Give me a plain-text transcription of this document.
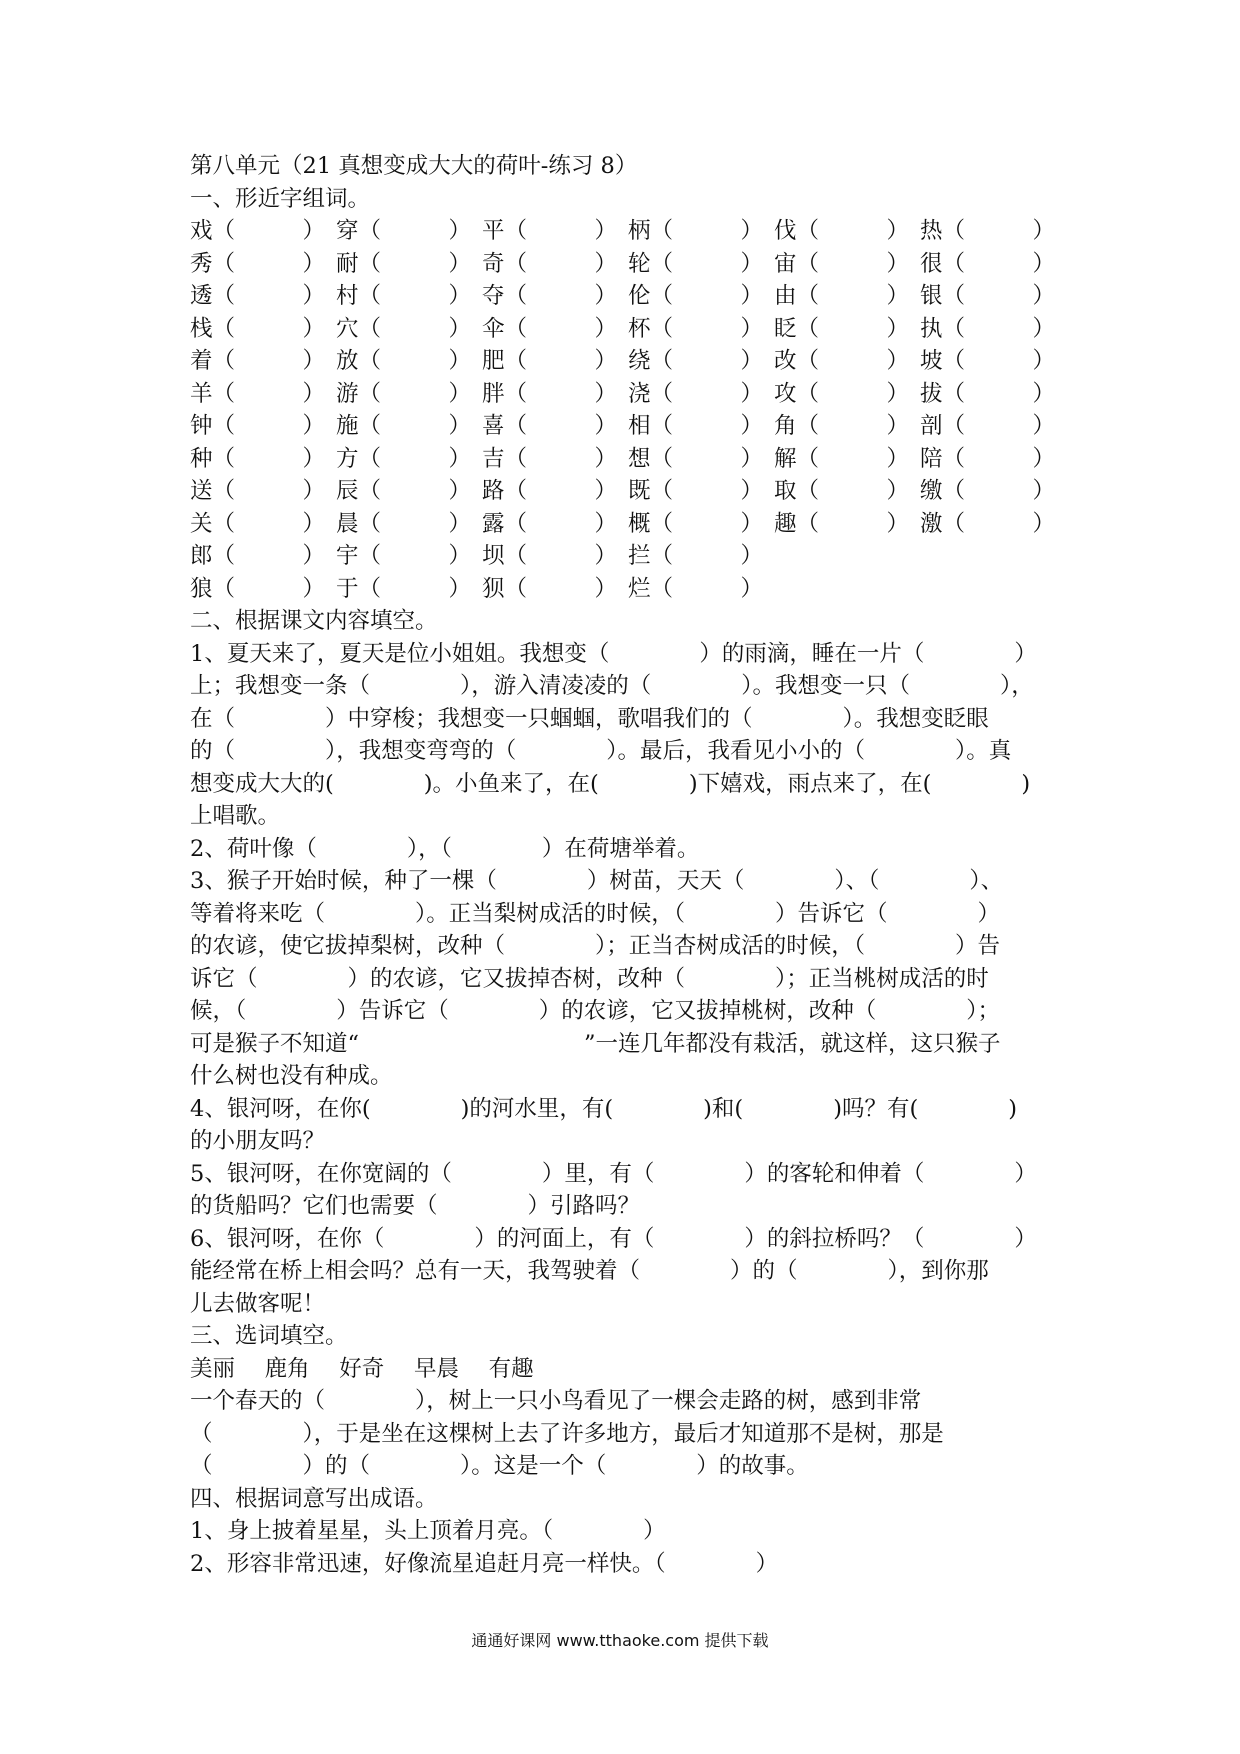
第八单元（21 真想变成大大的荷叶-练习 8）
一、形近字组词。
戏（　　　） 穿（　　　） 平（　　　） 柄（　　　） 伐（　　　） 热（　　　）
秀（　　　） 耐（　　　） 奇（　　　） 轮（　　　） 宙（　　　） 很（　　　）
透（　　　） 村（　　　） 夺（　　　） 伦（　　　） 由（　　　） 银（　　　）
栈（　　　） 穴（　　　） 伞（　　　） 杯（　　　） 眨（　　　） 执（　　　）
着（　　　） 放（　　　） 肥（　　　） 绕（　　　） 改（　　　） 坡（　　　）
羊（　　　） 游（　　　） 胖（　　　） 浇（　　　） 攻（　　　） 拔（　　　）
钟（　　　） 施（　　　） 喜（　　　） 相（　　　） 角（　　　） 剖（　　　）
种（　　　） 方（　　　） 吉（　　　） 想（　　　） 解（　　　） 陪（　　　）
送（　　　） 辰（　　　） 路（　　　） 既（　　　） 取（　　　） 缴（　　　）
关（　　　） 晨（　　　） 露（　　　） 概（　　　） 趣（　　　） 激（　　　）
郎（　　　） 宇（　　　） 坝（　　　） 拦（　　　）
狼（　　　） 于（　　　） 狈（　　　） 烂（　　　）
二、根据课文内容填空。
1、夏天来了，夏天是位小姐姐。我想变（　　　　）的雨滴，睡在一片（　　　　）
上；我想变一条（　　　　），游入清凌凌的（　　　　）。我想变一只（　　　　），
在（　　　　）中穿梭；我想变一只蝈蝈，歌唱我们的（　　　　）。我想变眨眼
的（　　　　），我想变弯弯的（　　　　）。最后，我看见小小的（　　　　）。真
想变成大大的(　　　　)。小鱼来了，在(　　　　)下嬉戏，雨点来了，在(　　　　)
上唱歌。
2、荷叶像（　　　　），（　　　　）在荷塘举着。
3、猴子开始时候，种了一棵（　　　　）树苗，天天（　　　　）、（　　　　）、
等着将来吃（　　　　）。正当梨树成活的时候，（　　　　）告诉它（　　　　）
的农谚，使它拔掉梨树，改种（　　　　）；正当杏树成活的时候，（　　　　）告
诉它（　　　　）的农谚，它又拔掉杏树，改种（　　　　）；正当桃树成活的时
候，（　　　　）告诉它（　　　　）的农谚，它又拔掉桃树，改种（　　　　）；
可是猴子不知道“　　　　　　　　　　”一连几年都没有栽活，就这样，这只猴子
什么树也没有种成。
4、银河呀，在你(　　　　)的河水里，有(　　　　)和(　　　　)吗？有(　　　　)
的小朋友吗？
5、银河呀，在你宽阔的（　　　　）里，有（　　　　）的客轮和伸着（　　　　）
的货船吗？它们也需要（　　　　）引路吗？
6、银河呀，在你（　　　　）的河面上，有（　　　　）的斜拉桥吗？（　　　　）
能经常在桥上相会吗？总有一天，我驾驶着（　　　　）的（　　　　），到你那
儿去做客呢！
三、选词填空。
美丽　 鹿角　 好奇　 早晨　 有趣
一个春天的（　　　　），树上一只小鸟看见了一棵会走路的树，感到非常
（　　　　），于是坐在这棵树上去了许多地方，最后才知道那不是树，那是
（　　　　）的（　　　　）。这是一个（　　　　）的故事。
四、根据词意写出成语。
1、身上披着星星，头上顶着月亮。（　　　　）
2、形容非常迅速，好像流星追赶月亮一样快。（　　　　）
通通好课网 www.tthaoke.com 提供下载
